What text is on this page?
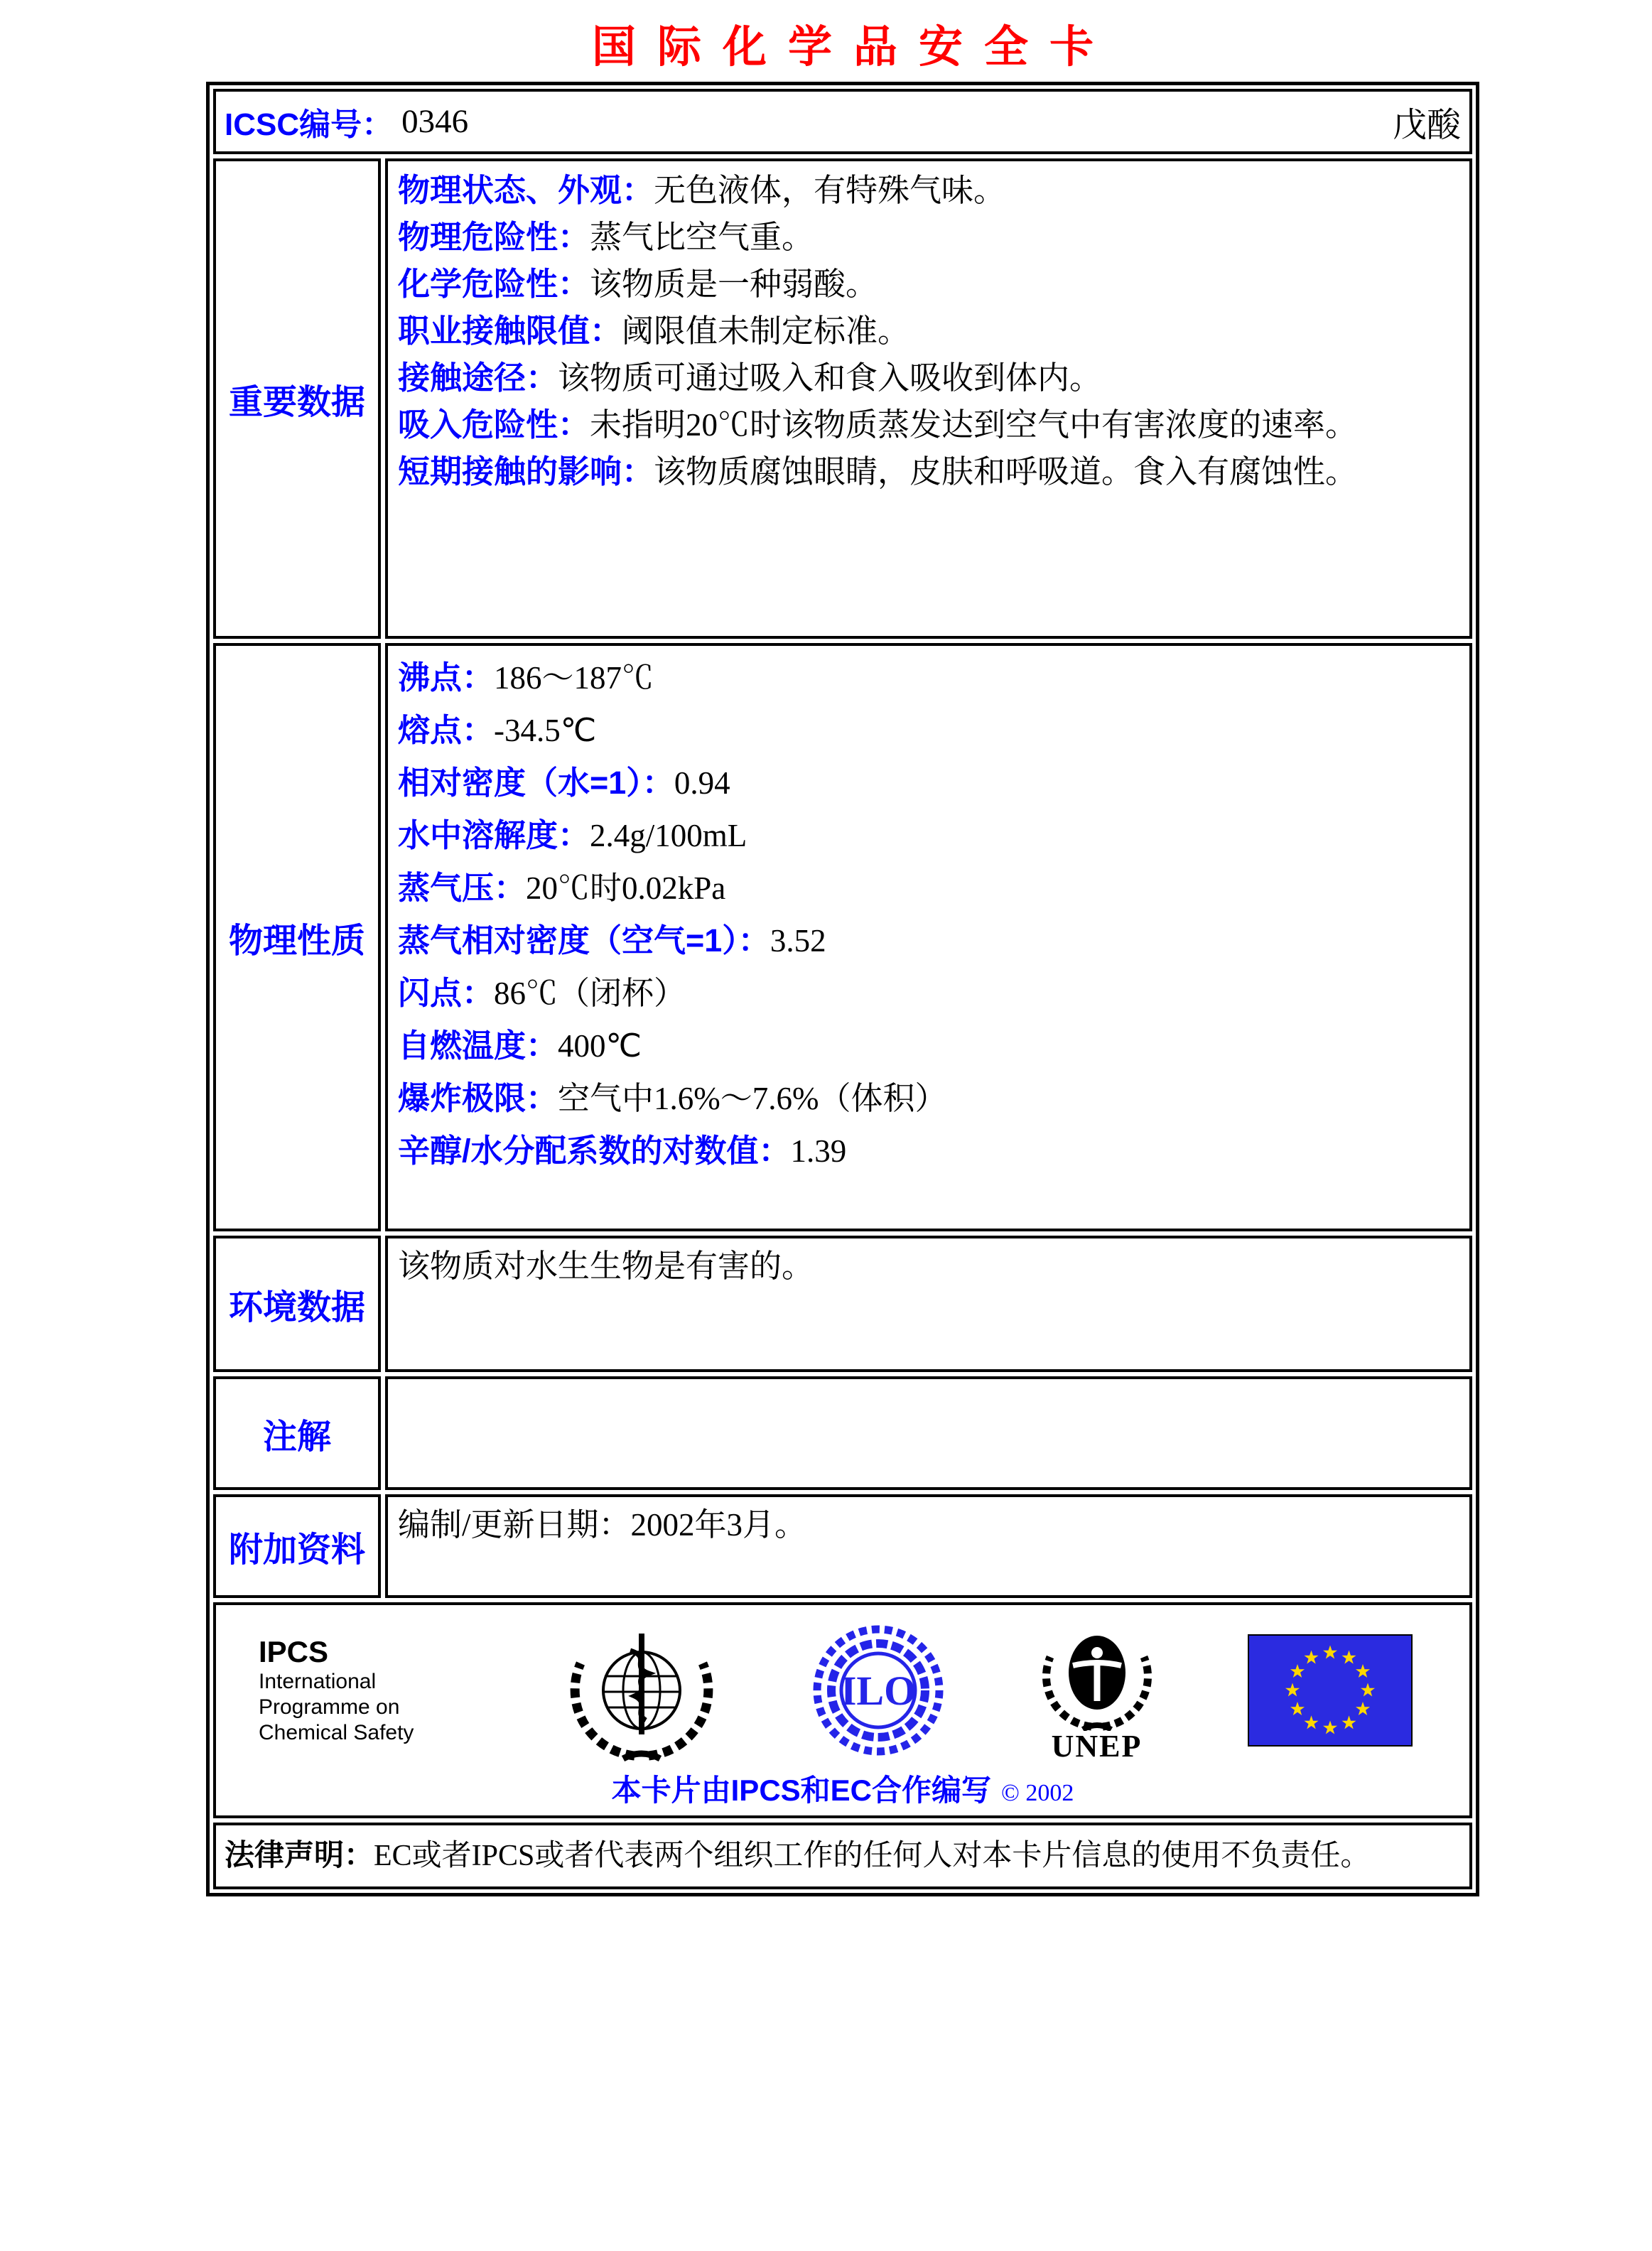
国际化学品安全卡
ICSC编号： 0346	戊酸
重要数据
物理状态、外观：无色液体，有特殊气味。
物理危险性：蒸气比空气重。
化学危险性：该物质是一种弱酸。
职业接触限值：阈限值未制定标准。
接触途径：该物质可通过吸入和食入吸收到体内。
吸入危险性：未指明20℃时该物质蒸发达到空气中有害浓度的速率。
短期接触的影响：该物质腐蚀眼睛，皮肤和呼吸道。食入有腐蚀性。
物理性质
沸点：186～187℃
熔点：-34.5℃
相对密度（水=1）：0.94
水中溶解度：2.4g/100mL
蒸气压：20℃时0.02kPa
蒸气相对密度（空气=1）：3.52
闪点：86℃（闭杯）
自燃温度：400℃
爆炸极限：空气中1.6%～7.6%（体积）
辛醇/水分配系数的对数值：1.39
环境数据
该物质对水生生物是有害的。
注解
附加资料
编制/更新日期：2002年3月。
IPCS
International
Programme on
Chemical Safety
ILO
UNEP
本卡片由IPCS和EC合作编写 © 2002
法律声明：EC或者IPCS或者代表两个组织工作的任何人对本卡片信息的使用不负责任。
